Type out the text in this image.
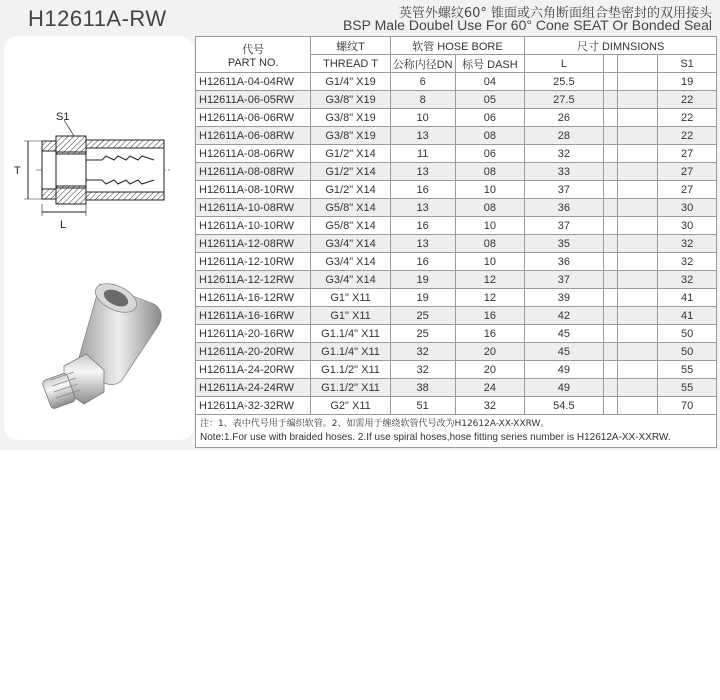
H12611A-RW	英管外螺纹60° 锥面或六角断面组合垫密封的双用接头
BSP Male Doubel Use For 60° Cone SEAT Or Bonded Seal
S1
T
L
代号
PART NO.	螺纹T	软管 HOSE BORE		尺寸 DIMNSIONS			
	THREAD T	公称内径DN	标号 DASH	L			S1
H12611A-04-04RW	G1/4" X19	6	04	25.5			19
H12611A-06-05RW	G3/8" X19	8	05	27.5			22
H12611A-06-06RW	G3/8" X19	10	06	26			22
H12611A-06-08RW	G3/8" X19	13	08	28			22
H12611A-08-06RW	G1/2" X14	11	06	32			27
H12611A-08-08RW	G1/2" X14	13	08	33			27
H12611A-08-10RW	G1/2" X14	16	10	37			27
H12611A-10-08RW	G5/8" X14	13	08	36			30
H12611A-10-10RW	G5/8" X14	16	10	37			30
H12611A-12-08RW	G3/4" X14	13	08	35			32
H12611A-12-10RW	G3/4" X14	16	10	36			32
H12611A-12-12RW	G3/4" X14	19	12	37			32
H12611A-16-12RW	G1" X11	19	12	39			41
H12611A-16-16RW	G1" X11	25	16	42			41
H12611A-20-16RW	G1.1/4" X11	25	16	45			50
H12611A-20-20RW	G1.1/4" X11	32	20	45			50
H12611A-24-20RW	G1.1/2" X11	32	20	49			55
H12611A-24-24RW	G1.1/2" X11	38	24	49			55
H12611A-32-32RW	G2" X11	51	32	54.5			70

注：1、表中代号用于编织软管。2、如需用于缠绕软管代号改为H12612A-XX-XXRW。
Note:1.For use with braided hoses. 2.If use spiral hoses,hose fitting series number is H12612A-XX-XXRW.							
